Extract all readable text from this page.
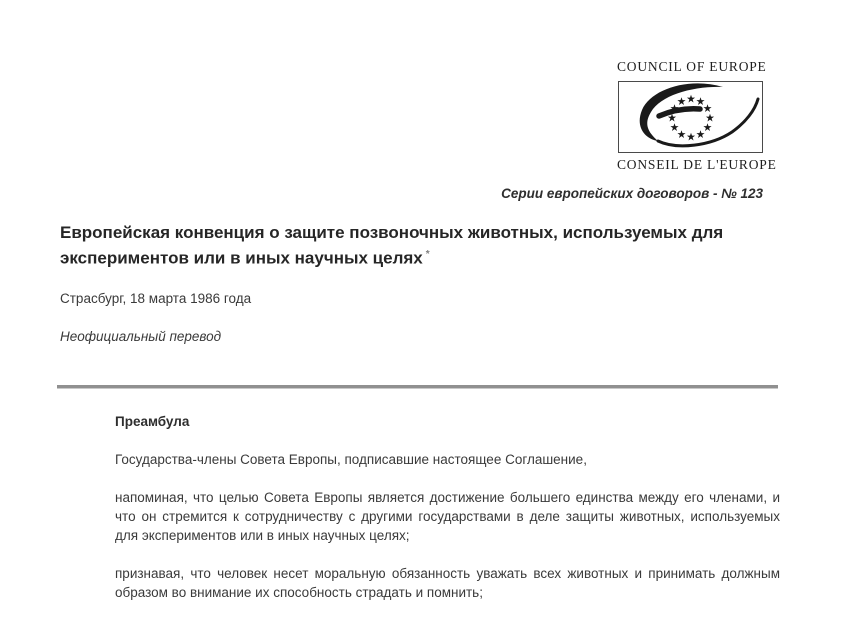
COUNCIL OF EUROPE
CONSEIL DE L'EUROPE
Серии европейских договоров - № 123
Европейская конвенция о защите позвоночных животных, используемых для экспериментов или в иных научных целях *

Страсбург, 18 марта 1986 года

Неофициальный перевод

Преамбула

Государства-члены Совета Европы, подписавшие настоящее Соглашение,

напоминая, что целью Совета Европы является достижение большего единства между его членами, и что он стремится к сотрудничеству с другими государствами в деле защиты животных, используемых для экспериментов или в иных научных целях;

признавая, что человек несет моральную обязанность уважать всех животных и принимать должным образом во внимание их способность страдать и помнить;
